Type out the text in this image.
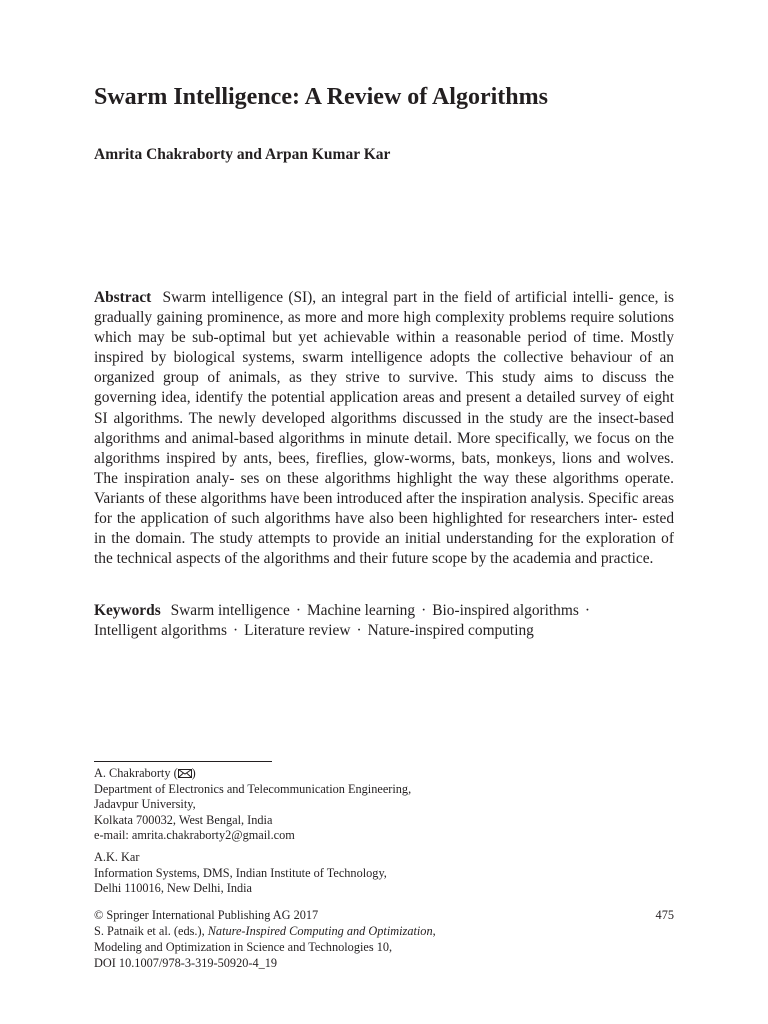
Swarm Intelligence: A Review of Algorithms
Amrita Chakraborty and Arpan Kumar Kar
Abstract Swarm intelligence (SI), an integral part in the field of artificial intelli- gence, is gradually gaining prominence, as more and more high complexity problems require solutions which may be sub-optimal but yet achievable within a reasonable period of time. Mostly inspired by biological systems, swarm intelligence adopts the collective behaviour of an organized group of animals, as they strive to survive. This study aims to discuss the governing idea, identify the potential application areas and present a detailed survey of eight SI algorithms. The newly developed algorithms discussed in the study are the insect-based algorithms and animal-based algorithms in minute detail. More specifically, we focus on the algorithms inspired by ants, bees, fireflies, glow-worms, bats, monkeys, lions and wolves. The inspiration analy- ses on these algorithms highlight the way these algorithms operate. Variants of these algorithms have been introduced after the inspiration analysis. Specific areas for the application of such algorithms have also been highlighted for researchers inter- ested in the domain. The study attempts to provide an initial understanding for the exploration of the technical aspects of the algorithms and their future scope by the academia and practice.
Keywords Swarm intelligence · Machine learning · Bio-inspired algorithms ·
Intelligent algorithms · Literature review · Nature-inspired computing
A. Chakraborty ( )
Department of Electronics and Telecommunication Engineering,
Jadavpur University,
Kolkata 700032, West Bengal, India
e-mail: amrita.chakraborty2@gmail.com
A.K. Kar
Information Systems, DMS, Indian Institute of Technology,
Delhi 110016, New Delhi, India
© Springer International Publishing AG 2017
S. Patnaik et al. (eds.), Nature-Inspired Computing and Optimization,
Modeling and Optimization in Science and Technologies 10,
DOI 10.1007/978-3-319-50920-4_19
475
